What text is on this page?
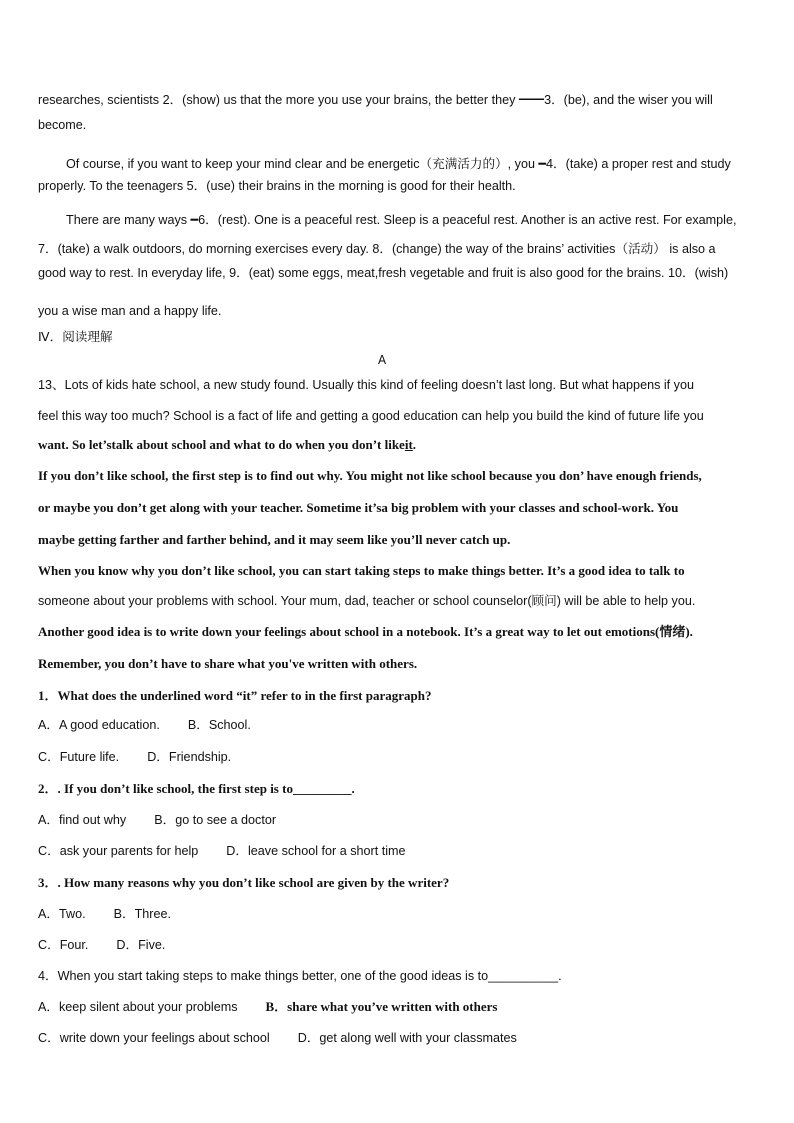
researches, scientists 2．(show) us that the more you use your brains, the better they ━━3．(be), and the wiser you will
become.
Of course, if you want to keep your mind clear and be energetic（充满活力的）, you ━4．(take) a proper rest and study
properly. To the teenagers 5．(use) their brains in the morning is good for their health.
There are many ways ━6．(rest). One is a peaceful rest. Sleep is a peaceful rest. Another is an active rest. For example,
7．(take) a walk outdoors, do morning exercises every day. 8．(change) the way of the brains’ activities（活动） is also a
good way to rest. In everyday life, 9．(eat) some eggs, meat,fresh vegetable and fruit is also good for the brains. 10．(wish)
you a wise man and a happy life.
Ⅳ．阅读理解
A
13、Lots of kids hate school, a new study found. Usually this kind of feeling doesn’t last long. But what happens if you
feel this way too much? School is a fact of life and getting a good education can help you build the kind of future life you
want. So let’stalk about school and what to do when you don’t likeit.
If you don’t like school, the first step is to find out why. You might not like school because you don’ have enough friends,
or maybe you don’t get along with your teacher. Sometime it’sa big problem with your classes and school-work. You
maybe getting farther and farther behind, and it may seem like you’ll never catch up.
When you know why you don’t like school, you can start taking steps to make things better. It’s a good idea to talk to
someone about your problems with school. Your mum, dad, teacher or school counselor(顾问) will be able to help you.
Another good idea is to write down your feelings about school in a notebook. It’s a great way to let out emotions(情绪).
Remember, you don’t have to share what you've written with others.
1．What does the underlined word “it” refer to in the first paragraph?
A．A good education. B．School.
C．Future life. D．Friendship.
2．. If you don’t like school, the first step is to_________.
A．find out why B．go to see a doctor
C．ask your parents for help D．leave school for a short time
3．. How many reasons why you don’t like school are given by the writer?
A．Two. B．Three.
C．Four. D．Five.
4．When you start taking steps to make things better, one of the good ideas is to__________.
A．keep silent about your problems B．share what you’ve written with others
C．write down your feelings about school D．get along well with your classmates
